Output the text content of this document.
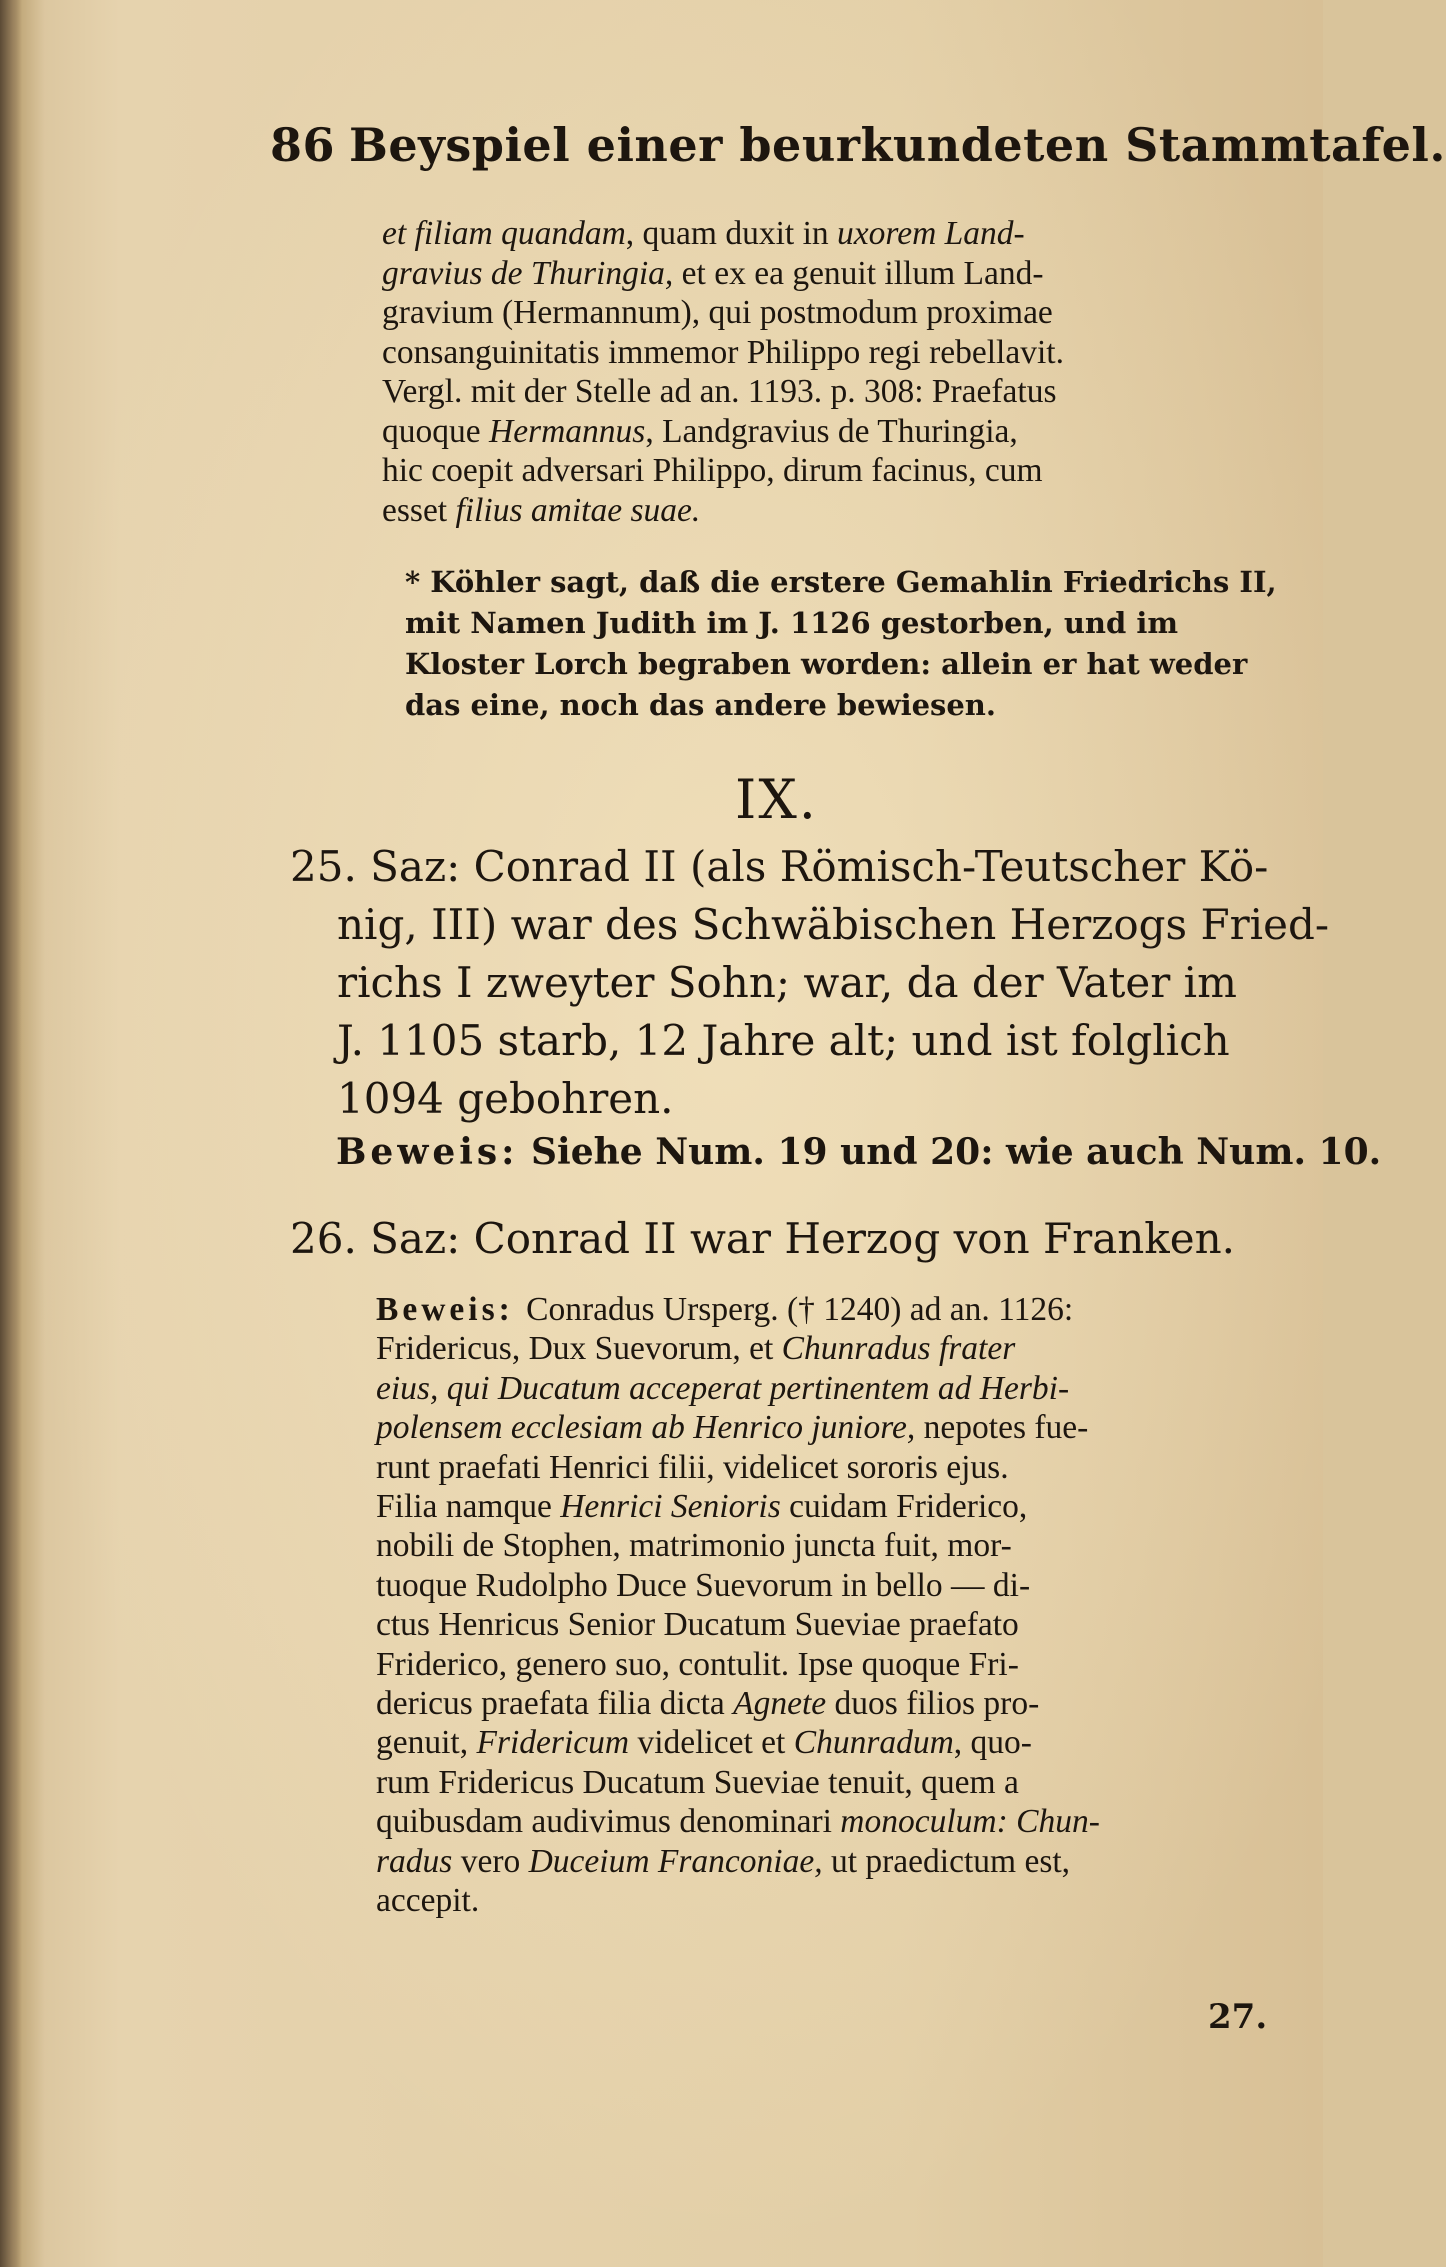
86 Beyspiel einer beurkundeten Stammtafel.
et filiam quandam, quam duxit in uxorem Land-
gravius de Thuringia, et ex ea genuit illum Land-
gravium (Hermannum), qui postmodum proximae
consanguinitatis immemor Philippo regi rebellavit.
Vergl. mit der Stelle ad an. 1193. p. 308: Praefatus
quoque Hermannus, Landgravius de Thuringia,
hic coepit adversari Philippo, dirum facinus, cum
esset filius amitae suae.
* Köhler sagt, daß die erstere Gemahlin Friedrichs II,
mit Namen Judith im J. 1126 gestorben, und im
Kloster Lorch begraben worden: allein er hat weder
das eine, noch das andere bewiesen.
IX.
25. Saz: Conrad II (als Römisch-Teutscher Kö-
nig, III) war des Schwäbischen Herzogs Fried-
richs I zweyter Sohn; war, da der Vater im
J. 1105 starb, 12 Jahre alt; und ist folglich
1094 gebohren.
Beweis: Siehe Num. 19 und 20: wie auch Num. 10.
26. Saz: Conrad II war Herzog von Franken.
Beweis: Conradus Ursperg. († 1240) ad an. 1126:
Fridericus, Dux Suevorum, et Chunradus frater
eius, qui Ducatum acceperat pertinentem ad Herbi-
polensem ecclesiam ab Henrico juniore, nepotes fue-
runt praefati Henrici filii, videlicet sororis ejus.
Filia namque Henrici Senioris cuidam Friderico,
nobili de Stophen, matrimonio juncta fuit, mor-
tuoque Rudolpho Duce Suevorum in bello — di-
ctus Henricus Senior Ducatum Sueviae praefato
Friderico, genero suo, contulit. Ipse quoque Fri-
dericus praefata filia dicta Agnete duos filios pro-
genuit, Fridericum videlicet et Chunradum, quo-
rum Fridericus Ducatum Sueviae tenuit, quem a
quibusdam audivimus denominari monoculum: Chun-
radus vero Duceium Franconiae, ut praedictum est,
accepit.
27.
